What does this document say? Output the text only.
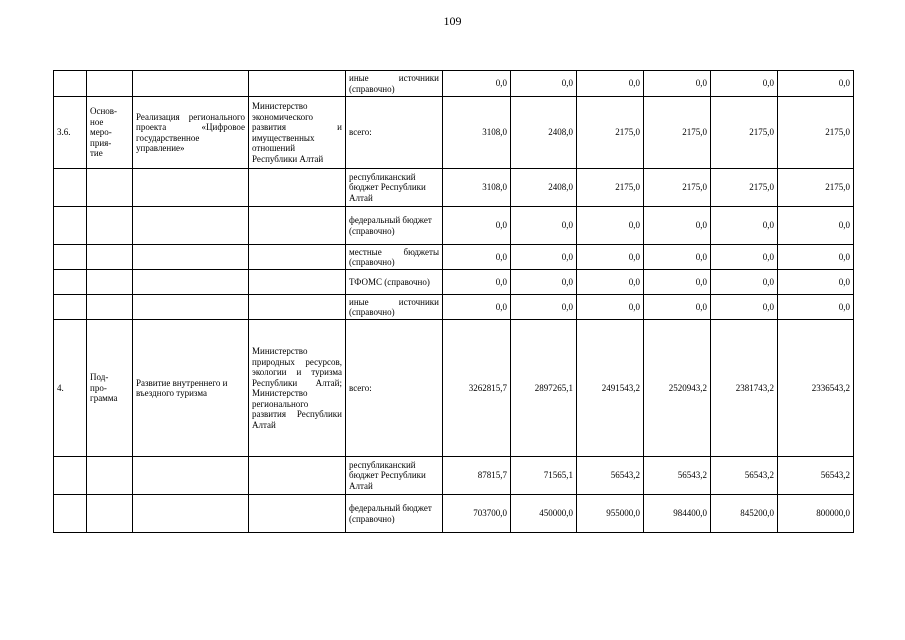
109
				иные источники (справочно)	0,0	0,0	0,0	0,0	0,0	0,0
3.6.	Основ-
ное
меро-
прия-
тие	Реализация регионального проекта «Цифровое государственное управление»	Министерство экономического развития и имущественных отношений Республики Алтай	всего:	3108,0	2408,0	2175,0	2175,0	2175,0	2175,0
				республиканский бюджет Республики Алтай	3108,0	2408,0	2175,0	2175,0	2175,0	2175,0
				федеральный бюджет (справочно)	0,0	0,0	0,0	0,0	0,0	0,0
				местные бюджеты (справочно)	0,0	0,0	0,0	0,0	0,0	0,0
				ТФОМС (справочно)	0,0	0,0	0,0	0,0	0,0	0,0
				иные источники (справочно)	0,0	0,0	0,0	0,0	0,0	0,0
4.	Под-
про-
грамма	Развитие внутреннего и въездного туризма	Министерство природных ресурсов, экологии и туризма Республики Алтай; Министерство регионального развития Республики Алтай	всего:	3262815,7	2897265,1	2491543,2	2520943,2	2381743,2	2336543,2
				республиканский бюджет Республики Алтай	87815,7	71565,1	56543,2	56543,2	56543,2	56543,2
				федеральный бюджет (справочно)	703700,0	450000,0	955000,0	984400,0	845200,0	800000,0
